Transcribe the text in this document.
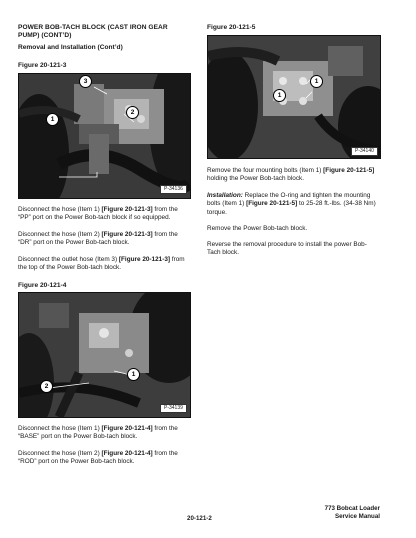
POWER BOB-TACH BLOCK (CAST IRON GEAR
PUMP) (CONT’D)
Removal and Installation (Cont’d)
Figure 20-121-3
3
2
1
P-34136
Disconnect the hose (Item 1) [Figure 20-121-3] from the “PP” port on the Power Bob-tach block if so equipped.
Disconnect the hose (Item 2) [Figure 20-121-3] from the “DR” port on the Power Bob-tach block.
Disconnect the outlet hose (Item 3) [Figure 20-121-3] from the top of the Power Bob-tach block.
Figure 20-121-4
1
2
P-34139
Disconnect the hose (Item 1) [Figure 20-121-4] from the “BASE” port on the Power Bob-tach block.
Disconnect the hose (Item 2) [Figure 20-121-4] from the “ROD” port on the Power Bob-tach block.
Figure 20-121-5
1
1
P-34140
Remove the four mounting bolts (Item 1) [Figure 20-121-5] holding the Power Bob-tach block.
Installation: Replace the O-ring and tighten the mounting bolts (Item 1) [Figure 20-121-5] to 25-28 ft.-lbs. (34-38 Nm) torque.
Remove the Power Bob-tach block.
Reverse the removal procedure to install the power Bob-Tach block.
20-121-2
773 Bobcat Loader
Service Manual
